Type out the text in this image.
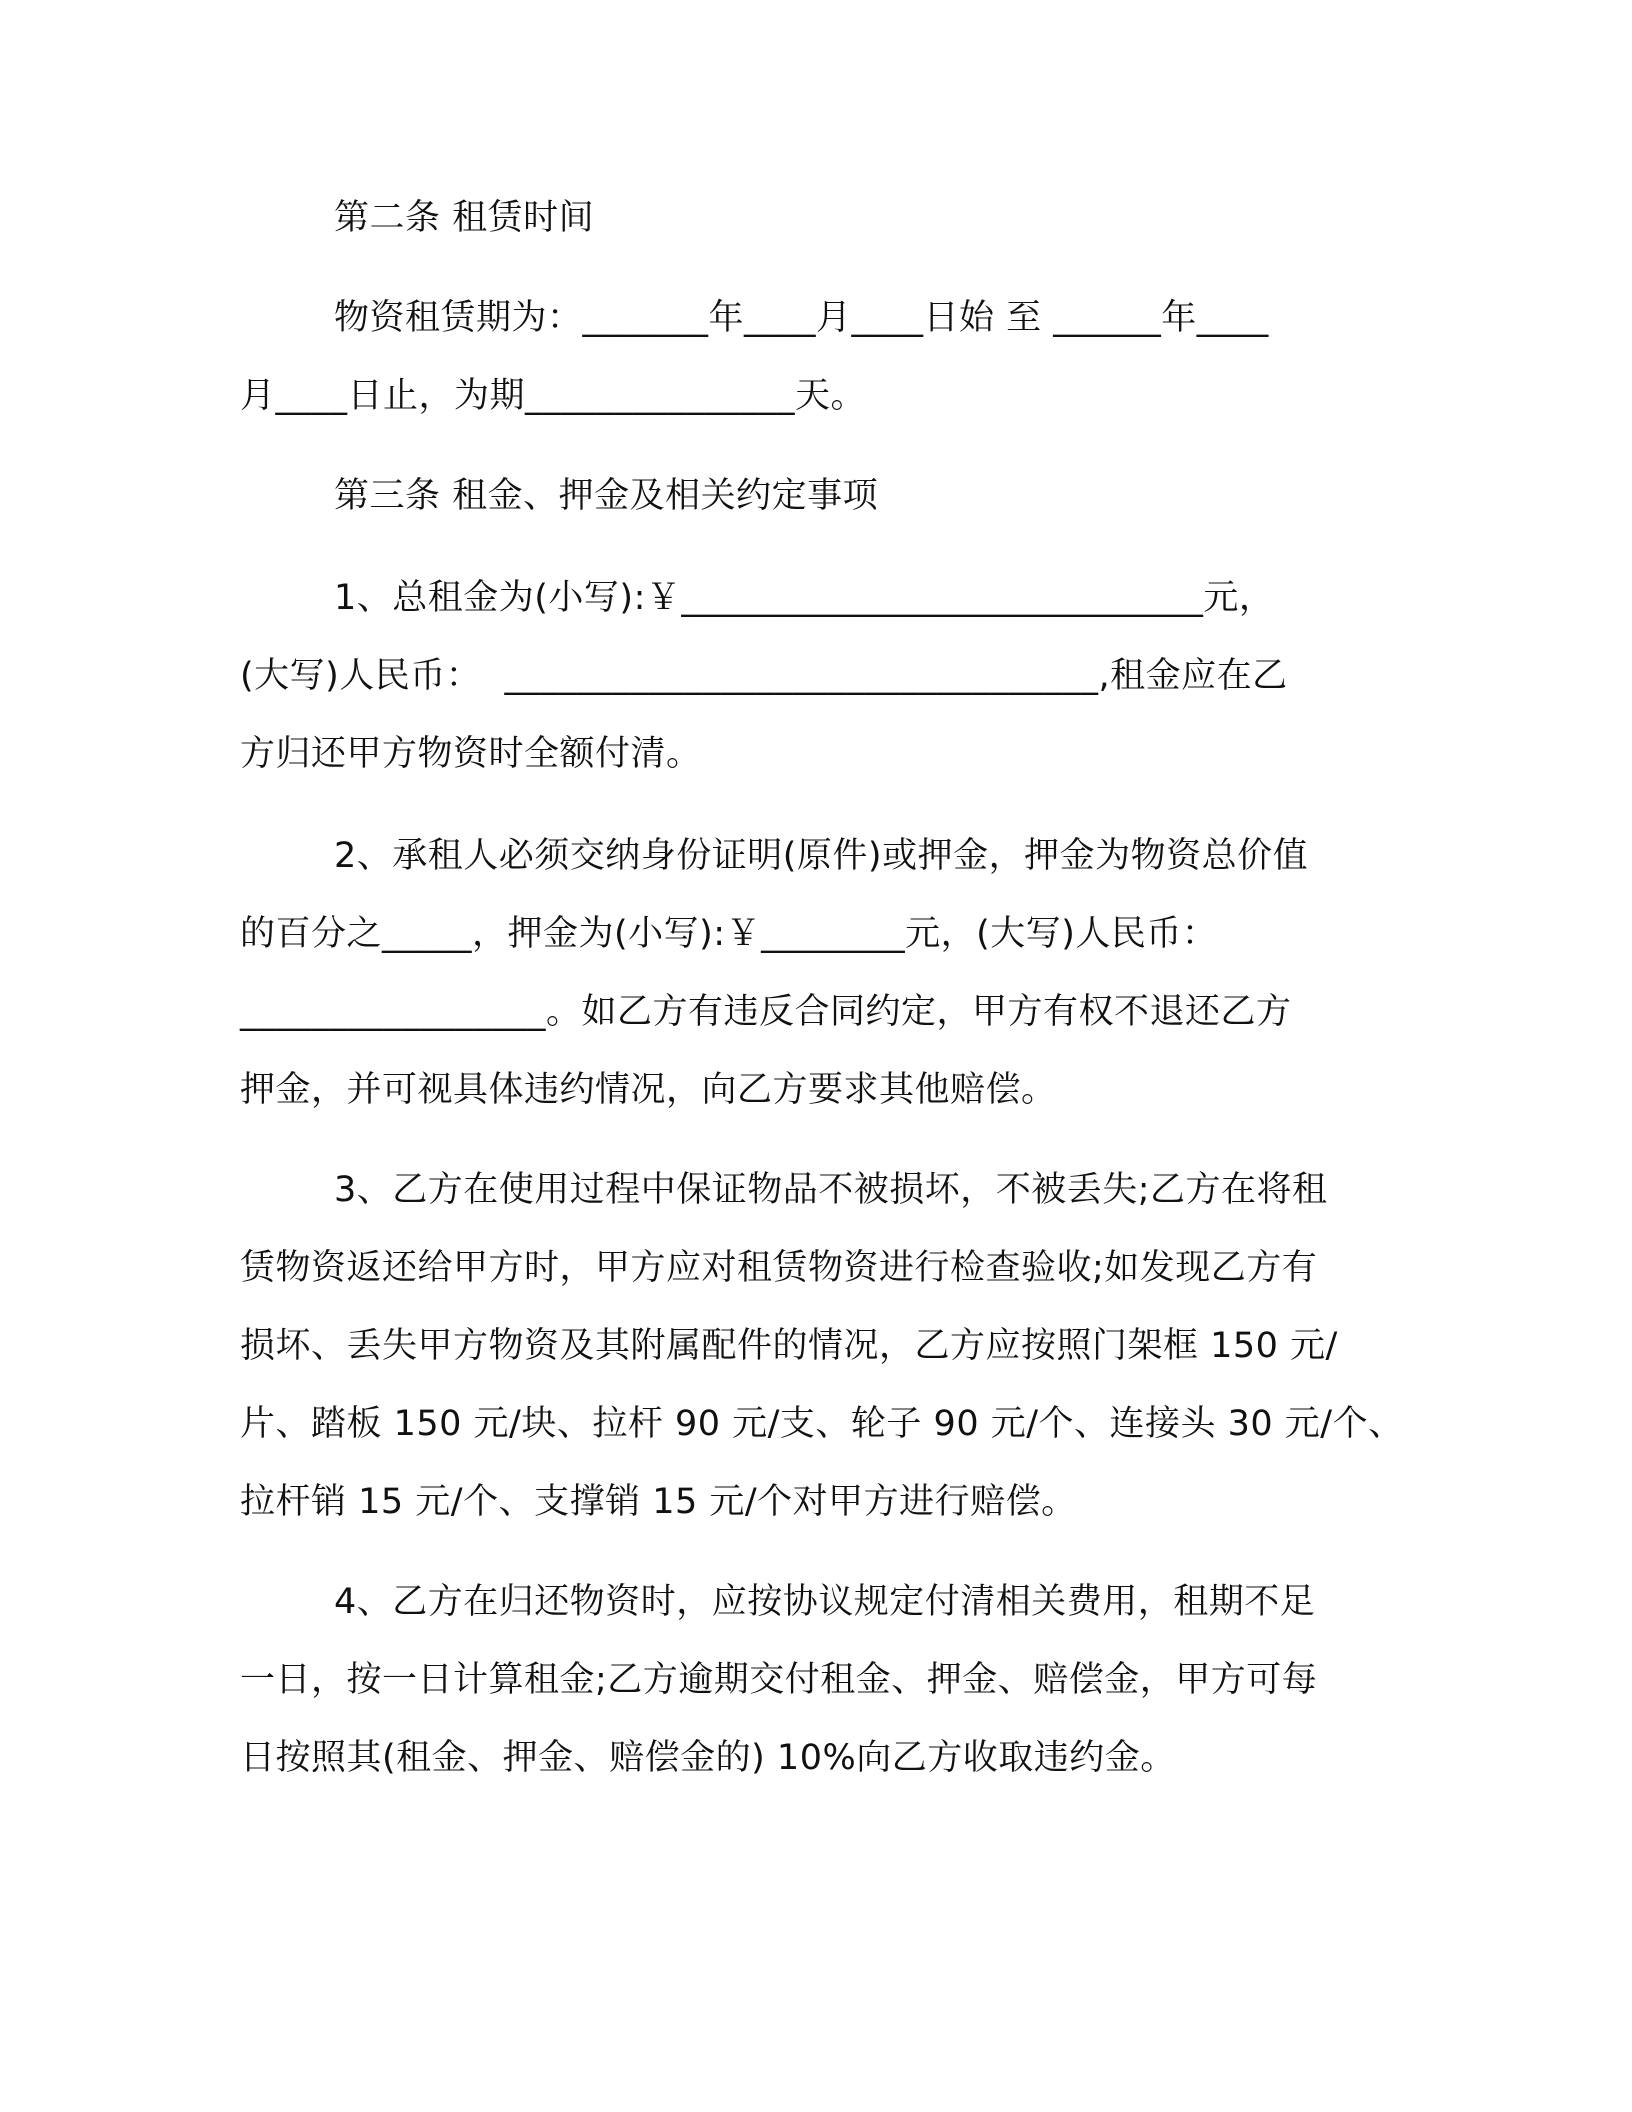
第二条 租赁时间
物资租赁期为：_______年____月____日始 至 ______年____
月____日止，为期_______________天。
第三条 租金、押金及相关约定事项
1、总租金为(小写):￥_____________________________元，
(大写)人民币：  _________________________________,租金应在乙
方归还甲方物资时全额付清。
2、承租人必须交纳身份证明(原件)或押金，押金为物资总价值
的百分之_____，押金为(小写):￥________元，(大写)人民币：
_________________。如乙方有违反合同约定，甲方有权不退还乙方
押金，并可视具体违约情况，向乙方要求其他赔偿。
3、乙方在使用过程中保证物品不被损坏，不被丢失;乙方在将租
赁物资返还给甲方时，甲方应对租赁物资进行检查验收;如发现乙方有
损坏、丢失甲方物资及其附属配件的情况，乙方应按照门架框 150 元/
片、踏板 150 元/块、拉杆 90 元/支、轮子 90 元/个、连接头 30 元/个、
拉杆销 15 元/个、支撑销 15 元/个对甲方进行赔偿。
4、乙方在归还物资时，应按协议规定付清相关费用，租期不足
一日，按一日计算租金;乙方逾期交付租金、押金、赔偿金，甲方可每
日按照其(租金、押金、赔偿金的) 10%向乙方收取违约金。
